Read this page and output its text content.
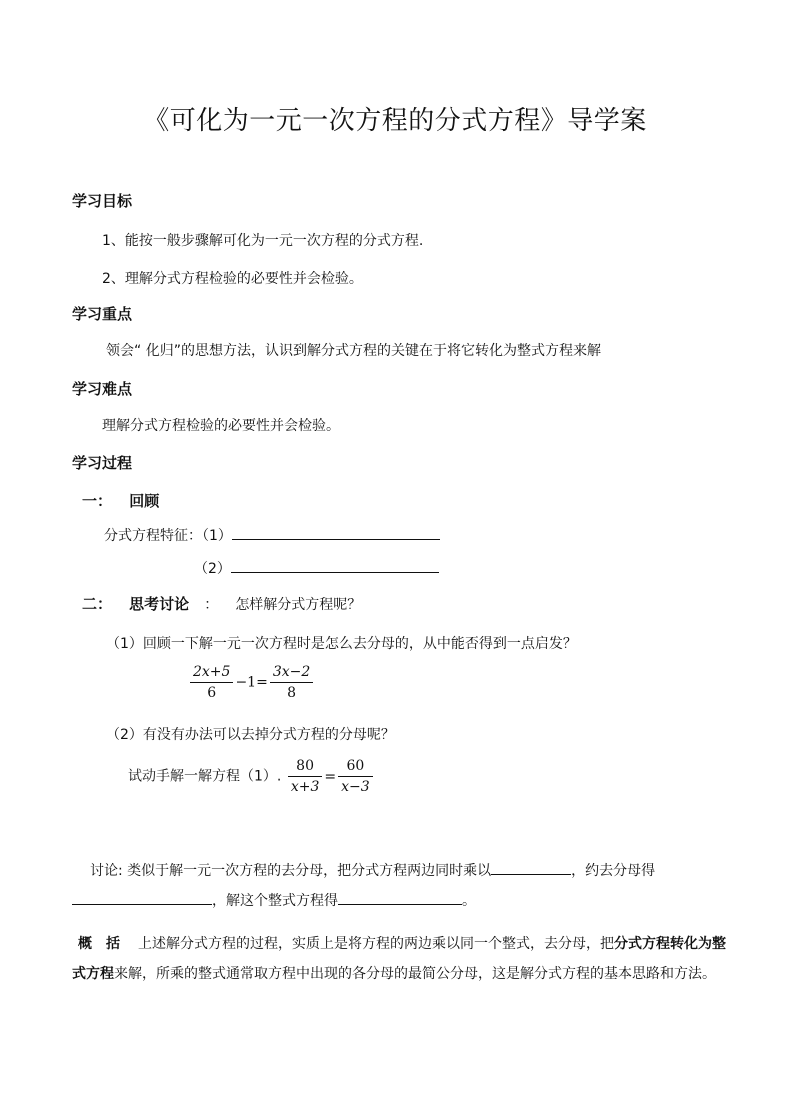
《可化为一元一次方程的分式方程》导学案
学习目标
1、能按一般步骤解可化为一元一次方程的分式方程.
2、理解分式方程检验的必要性并会检验。
学习重点
领会“ 化归”的思想方法，认识到解分式方程的关键在于将它转化为整式方程来解
学习难点
理解分式方程检验的必要性并会检验。
学习过程
一： 回顾
分式方程特征：（1）
（2）
二： 思考讨论 ： 怎样解分式方程呢？
（1）回顾一下解一元一次方程时是怎么去分母的，从中能否得到一点启发？
$\frac{2x+5}{6} -1= \frac{3x-2}{8}$
（2）有没有办法可以去掉分式方程的分母呢？
试动手解一解方程（1）. $\frac{80}{x+3} = \frac{60}{x-3}$
讨论: 类似于解一元一次方程的去分母，把分式方程两边同时乘以	，约去分母得
，解这个整式方程得	。
概　括 上述解分式方程的过程，实质上是将方程的两边乘以同一个整式，去分母，把分式方程转化为整式方程来解，所乘的整式通常取方程中出现的各分母的最简公分母，这是解分式方程的基本思路和方法。
